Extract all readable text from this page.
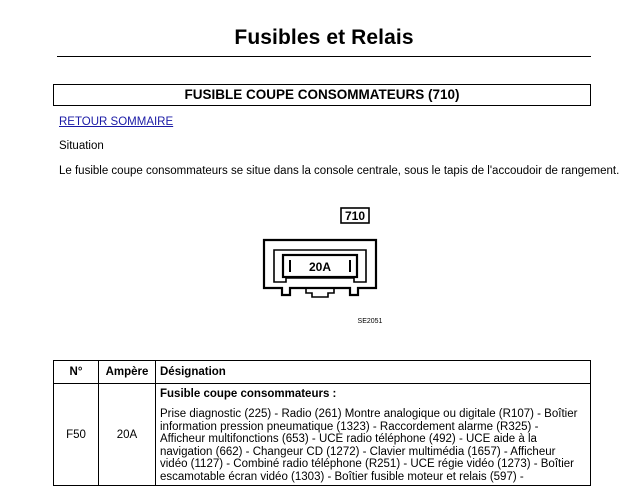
Fusibles et Relais
FUSIBLE COUPE CONSOMMATEURS (710)
RETOUR SOMMAIRE
Situation
Le fusible coupe consommateurs se situe dans la console centrale, sous le tapis de l'accoudoir de rangement.
710
20A
SE2051
N°	Ampère	Désignation
F50	20A	Fusible coupe consommateurs :
Prise diagnostic (225) - Radio (261) Montre analogique ou digitale (R107) - Boîtier information pression pneumatique (1323) - Raccordement alarme (R325) - Afficheur multifonctions (653) - UCE radio téléphone (492) - UCE aide à la navigation (662) - Changeur CD (1272) - Clavier multimédia (1657) - Afficheur vidéo (1127) - Combiné radio téléphone (R251) - UCE régie vidéo (1273) - Boîtier escamotable écran vidéo (1303) - Boîtier fusible moteur et relais (597) -
